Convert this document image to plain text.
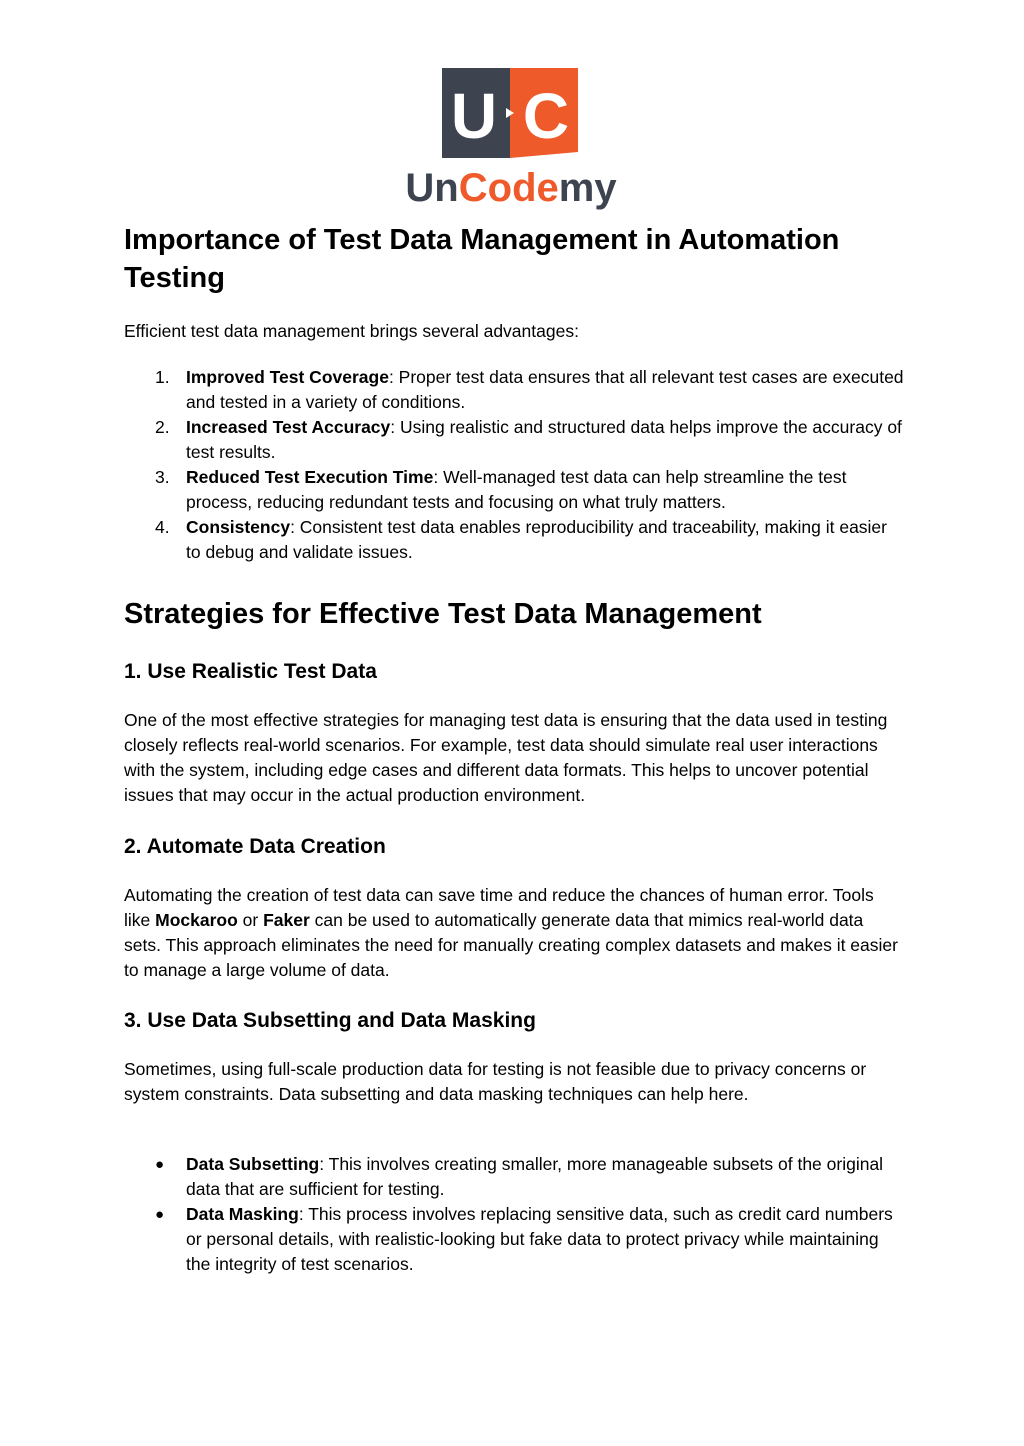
U C
UnCodemy
Importance of Test Data Management in Automation Testing

Efficient test data management brings several advantages:

1. Improved Test Coverage: Proper test data ensures that all relevant test cases are executed and tested in a variety of conditions.
2. Increased Test Accuracy: Using realistic and structured data helps improve the accuracy of test results.
3. Reduced Test Execution Time: Well-managed test data can help streamline the test process, reducing redundant tests and focusing on what truly matters.
4. Consistency: Consistent test data enables reproducibility and traceability, making it easier to debug and validate issues.
Strategies for Effective Test Data Management
1. Use Realistic Test Data

One of the most effective strategies for managing test data is ensuring that the data used in testing closely reflects real-world scenarios. For example, test data should simulate real user interactions with the system, including edge cases and different data formats. This helps to uncover potential issues that may occur in the actual production environment.

2. Automate Data Creation

Automating the creation of test data can save time and reduce the chances of human error. Tools like Mockaroo or Faker can be used to automatically generate data that mimics real-world data sets. This approach eliminates the need for manually creating complex datasets and makes it easier to manage a large volume of data.

3. Use Data Subsetting and Data Masking

Sometimes, using full-scale production data for testing is not feasible due to privacy concerns or system constraints. Data subsetting and data masking techniques can help here.

● Data Subsetting: This involves creating smaller, more manageable subsets of the original data that are sufficient for testing.
● Data Masking: This process involves replacing sensitive data, such as credit card numbers or personal details, with realistic-looking but fake data to protect privacy while maintaining the integrity of test scenarios.
